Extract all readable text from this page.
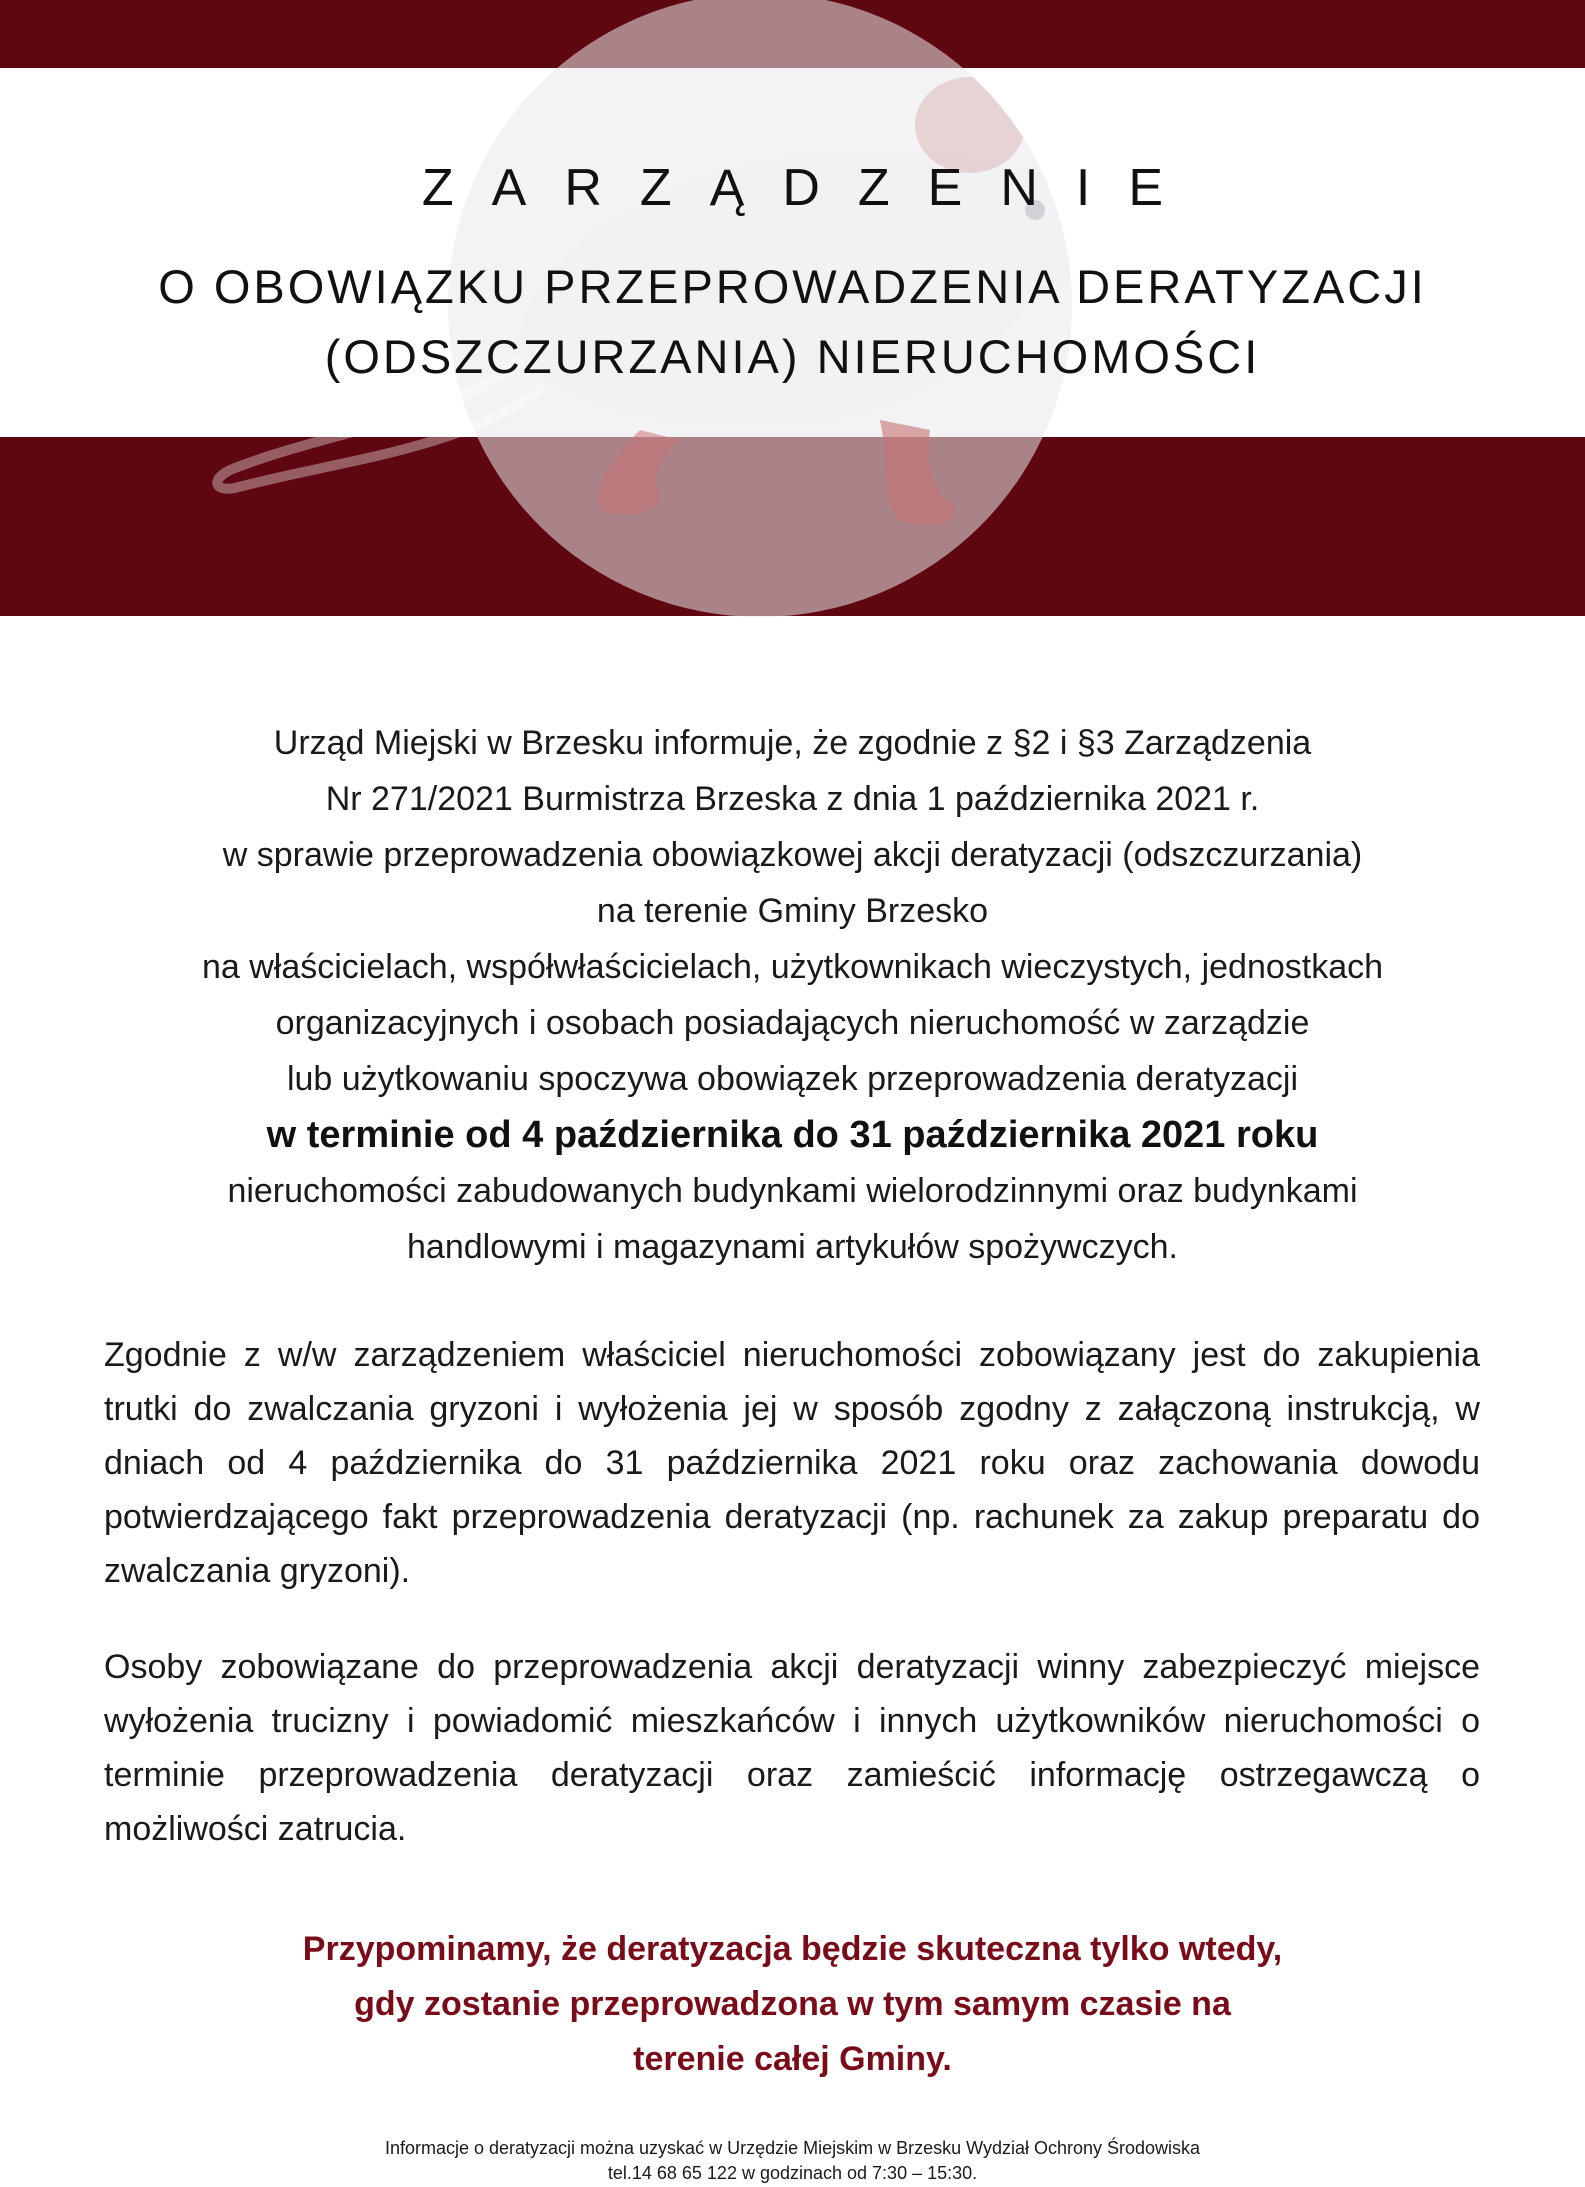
ZARZĄDZENIE
O OBOWIĄZKU PRZEPROWADZENIA DERATYZACJI
(ODSZCZURZANIA) NIERUCHOMOŚCI
Urząd Miejski w Brzesku informuje, że zgodnie z §2 i §3 Zarządzenia
Nr 271/2021 Burmistrza Brzeska z dnia 1 października 2021 r.
w sprawie przeprowadzenia obowiązkowej akcji deratyzacji (odszczurzania)
na terenie Gminy Brzesko
na właścicielach, współwłaścicielach, użytkownikach wieczystych, jednostkach
organizacyjnych i osobach posiadających nieruchomość w zarządzie
lub użytkowaniu spoczywa obowiązek przeprowadzenia deratyzacji
w terminie od 4 października do 31 października 2021 roku
nieruchomości zabudowanych budynkami wielorodzinnymi oraz budynkami
handlowymi i magazynami artykułów spożywczych.
Zgodnie z w/w zarządzeniem właściciel nieruchomości zobowiązany jest do zakupienia trutki do zwalczania gryzoni i wyłożenia jej w sposób zgodny z załączoną instrukcją, w dniach od 4 października do 31 października 2021 roku oraz zachowania dowodu potwierdzającego fakt przeprowadzenia deratyzacji (np. rachunek za zakup preparatu do zwalczania gryzoni).
Osoby zobowiązane do przeprowadzenia akcji deratyzacji winny zabezpieczyć miejsce wyłożenia trucizny i powiadomić mieszkańców i innych użytkowników nieruchomości o terminie przeprowadzenia deratyzacji oraz zamieścić informację ostrzegawczą o możliwości zatrucia.
Przypominamy, że deratyzacja będzie skuteczna tylko wtedy,
gdy zostanie przeprowadzona w tym samym czasie na
terenie całej Gminy.
Informacje o deratyzacji można uzyskać w Urzędzie Miejskim w Brzesku Wydział Ochrony Środowiska
tel.14 68 65 122 w godzinach od 7:30 – 15:30.
